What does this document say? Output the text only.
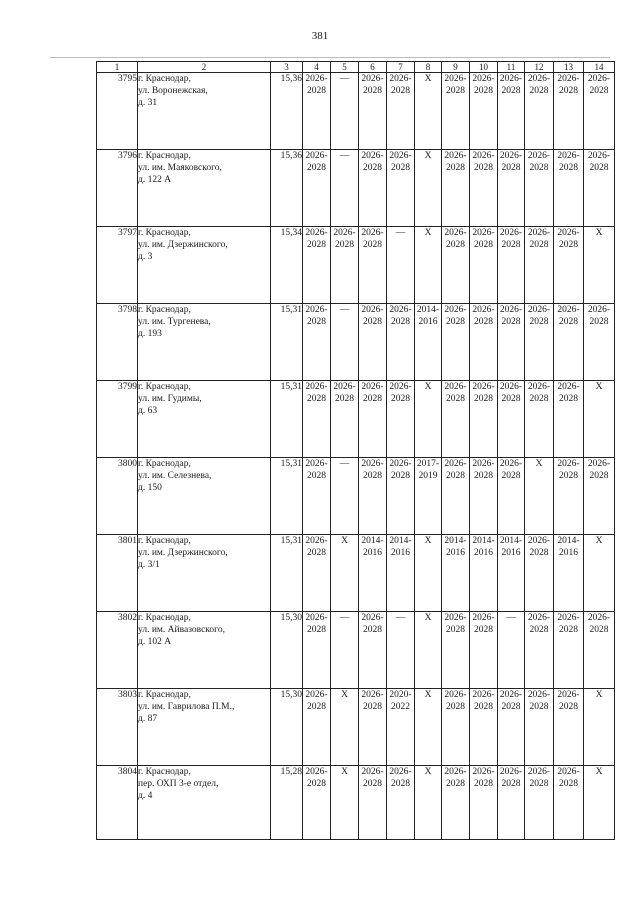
381
1	2	3	4	5	6	7	8	9	10	11	12	13	14
3795	г. Краснодар,
ул. Воронежская,
д. 31	15,36	2026-
2028	—	2026-
2028	2026-
2028	X	2026-
2028	2026-
2028	2026-
2028	2026-
2028	2026-
2028	2026-
2028

3796	г. Краснодар,
ул. им. Маяковского,
д. 122 А	15,36	2026-
2028	—	2026-
2028	2026-
2028	X	2026-
2028	2026-
2028	2026-
2028	2026-
2028	2026-
2028	2026-
2028

3797	г. Краснодар,
ул. им. Дзержинского,
д. 3	15,34	2026-
2028	2026-
2028	2026-
2028	—	X	2026-
2028	2026-
2028	2026-
2028	2026-
2028	2026-
2028	X

3798	г. Краснодар,
ул. им. Тургенева,
д. 193	15,31	2026-
2028	—	2026-
2028	2026-
2028	2014-
2016	2026-
2028	2026-
2028	2026-
2028	2026-
2028	2026-
2028	2026-
2028

3799	г. Краснодар,
ул. им. Гудимы,
д. 63	15,31	2026-
2028	2026-
2028	2026-
2028	2026-
2028	X	2026-
2028	2026-
2028	2026-
2028	2026-
2028	2026-
2028	X

3800	г. Краснодар,
ул. им. Селезнева,
д. 150	15,31	2026-
2028	—	2026-
2028	2026-
2028	2017-
2019	2026-
2028	2026-
2028	2026-
2028	X	2026-
2028	2026-
2028

3801	г. Краснодар,
ул. им. Дзержинского,
д. 3/1	15,31	2026-
2028	X	2014-
2016	2014-
2016	X	2014-
2016	2014-
2016	2014-
2016	2026-
2028	2014-
2016	X

3802	г. Краснодар,
ул. им. Айвазовского,
д. 102 А	15,30	2026-
2028	—	2026-
2028	—	X	2026-
2028	2026-
2028	—	2026-
2028	2026-
2028	2026-
2028

3803	г. Краснодар,
ул. им. Гаврилова П.М.,
д. 87	15,30	2026-
2028	X	2026-
2028	2020-
2022	X	2026-
2028	2026-
2028	2026-
2028	2026-
2028	2026-
2028	X

3804	г. Краснодар,
пер. ОХП 3-е отдел,
д. 4	15,28	2026-
2028	X	2026-
2028	2026-
2028	X	2026-
2028	2026-
2028	2026-
2028	2026-
2028	2026-
2028	X
